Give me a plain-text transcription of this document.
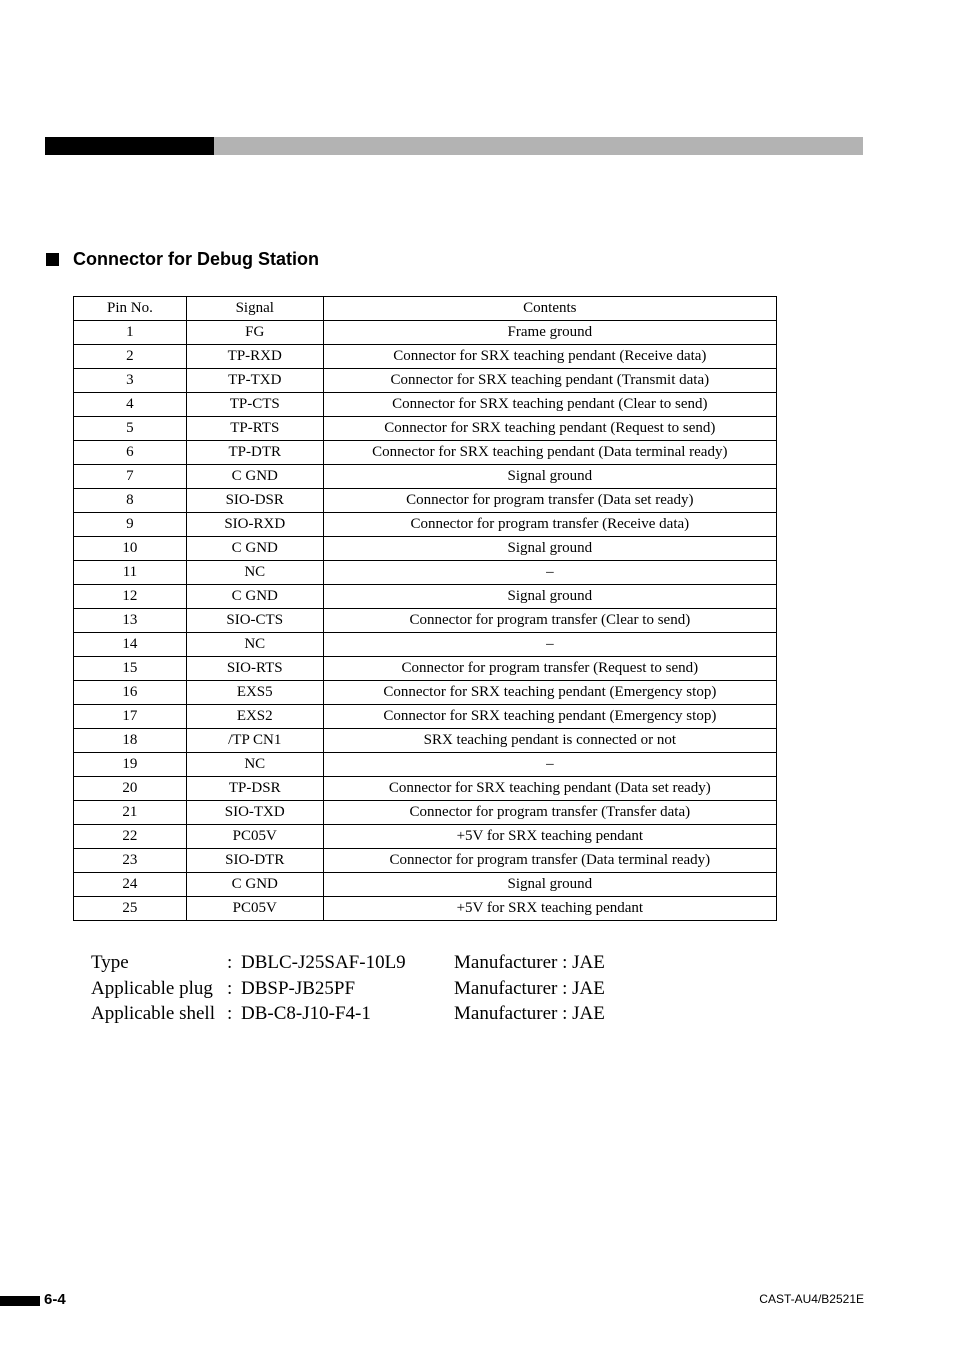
Connector for Debug Station
Pin No.	Signal	Contents
1	FG	Frame ground
2	TP-RXD	Connector for SRX teaching pendant (Receive data)
3	TP-TXD	Connector for SRX teaching pendant (Transmit data)
4	TP-CTS	Connector for SRX teaching pendant (Clear to send)
5	TP-RTS	Connector for SRX teaching pendant (Request to send)
6	TP-DTR	Connector for SRX teaching pendant (Data terminal ready)
7	C GND	Signal ground
8	SIO-DSR	Connector for program transfer (Data set ready)
9	SIO-RXD	Connector for program transfer (Receive data)
10	C GND	Signal ground
11	NC	–
12	C GND	Signal ground
13	SIO-CTS	Connector for program transfer (Clear to send)
14	NC	–
15	SIO-RTS	Connector for program transfer (Request to send)
16	EXS5	Connector for SRX teaching pendant (Emergency stop)
17	EXS2	Connector for SRX teaching pendant (Emergency stop)
18	/TP CN1	SRX teaching pendant is connected or not
19	NC	–
20	TP-DSR	Connector for SRX teaching pendant (Data set ready)
21	SIO-TXD	Connector for program transfer (Transfer data)
22	PC05V	+5V for SRX teaching pendant
23	SIO-DTR	Connector for program transfer (Data terminal ready)
24	C GND	Signal ground
25	PC05V	+5V for SRX teaching pendant
Type	: DBLC-J25SAF-10L9	Manufacturer : JAE
Applicable plug : DBSP-JB25PF	Manufacturer : JAE
Applicable shell : DB-C8-J10-F4-1	Manufacturer : JAE
6-4	CAST-AU4/B2521E
